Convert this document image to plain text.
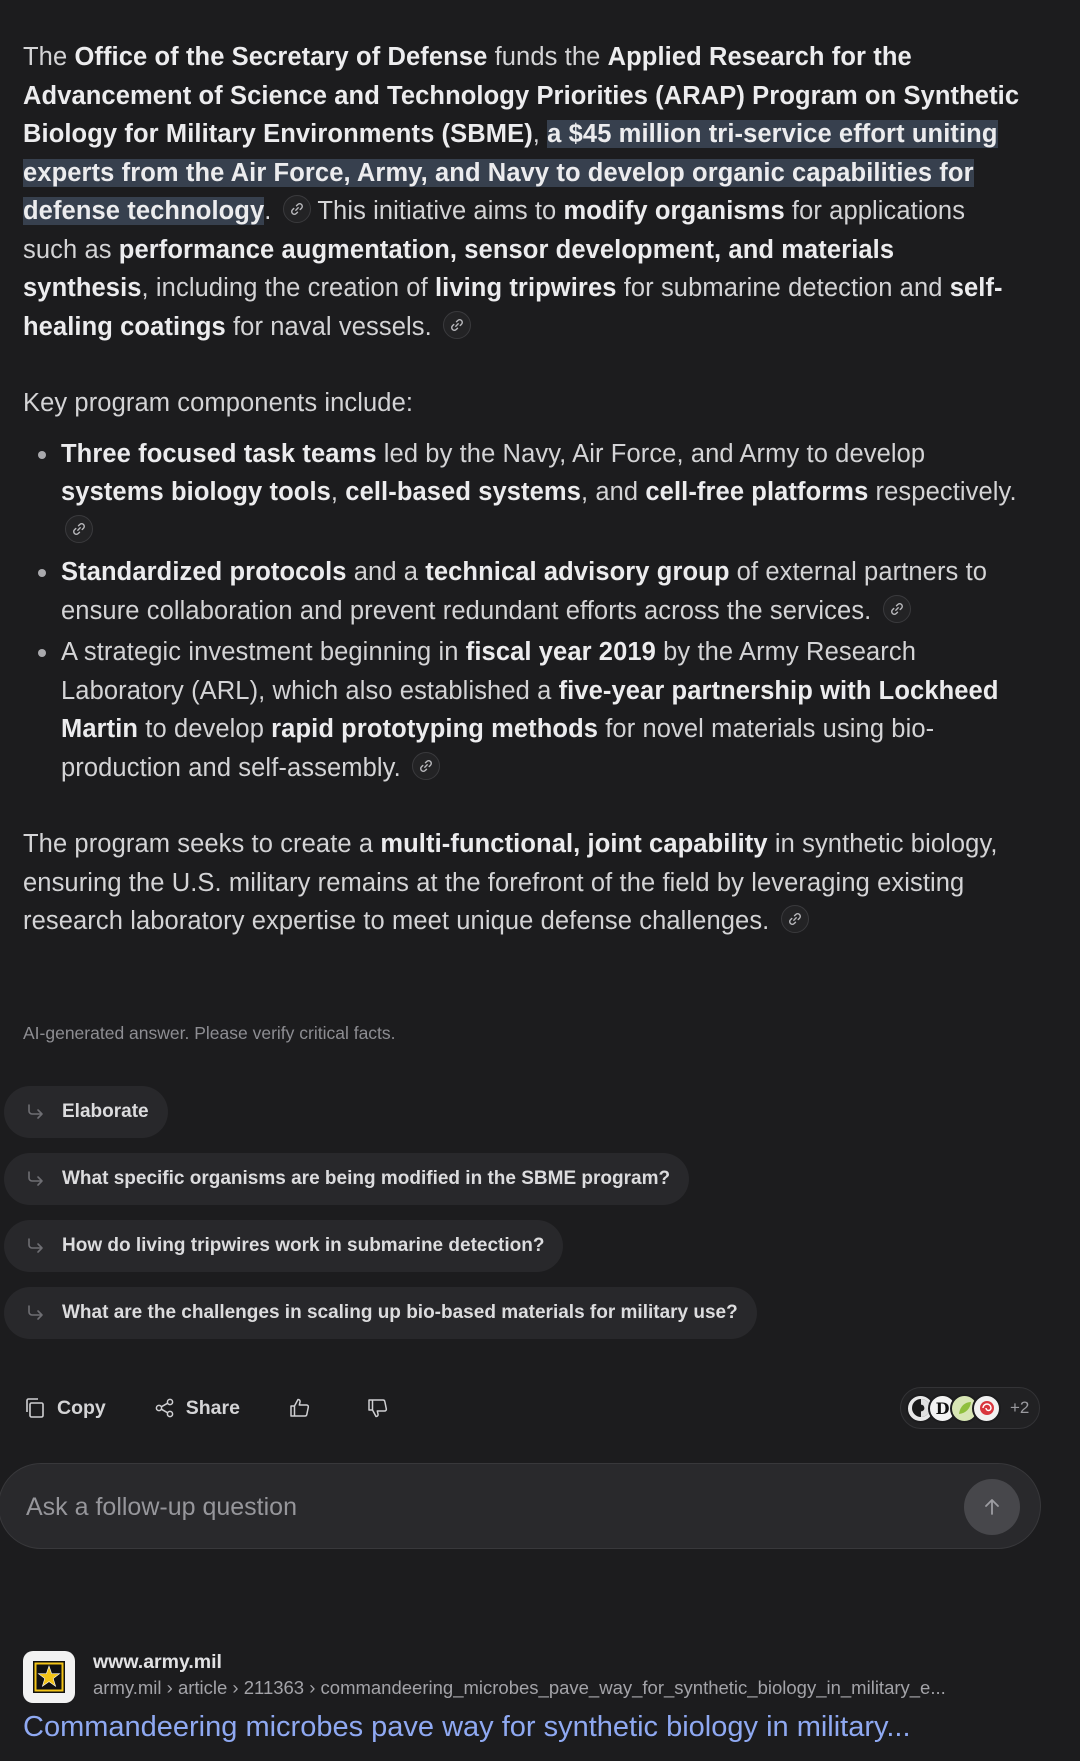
The Office of the Secretary of Defense funds the Applied Research for the Advancement of Science and Technology Priorities (ARAP) Program on Synthetic Biology for Military Environments (SBME), a $45 million tri-service effort uniting experts from the Air Force, Army, and Navy to develop organic capabilities for defense technology.
This initiative aims to modify organisms for applications such as performance augmentation, sensor development, and materials synthesis, including the creation of living tripwires for submarine detection and self-healing coatings for naval vessels.

Key program components include:

Three focused task teams led by the Navy, Air Force, and Army to develop systems biology tools, cell-based systems, and cell-free platforms respectively.
Standardized protocols and a technical advisory group of external partners to ensure collaboration and prevent redundant efforts across the services.
A strategic investment beginning in fiscal year 2019 by the Army Research Laboratory (ARL), which also established a five-year partnership with Lockheed Martin to develop rapid prototyping methods for novel materials using bio-production and self-assembly.

The program seeks to create a multi-functional, joint capability in synthetic biology, ensuring the U.S. military remains at the forefront of the field by leveraging existing research laboratory expertise to meet unique defense challenges.

AI-generated answer. Please verify critical facts.
Elaborate
What specific organisms are being modified in the SBME program?
How do living tripwires work in submarine detection?
What are the challenges in scaling up bio-based materials for military use?
Copy	Share	D	+2
Ask a follow-up question
www.army.mil
army.mil › article › 211363 › commandeering_microbes_pave_way_for_synthetic_biology_in_military_e...
Commandeering microbes pave way for synthetic biology in military...
